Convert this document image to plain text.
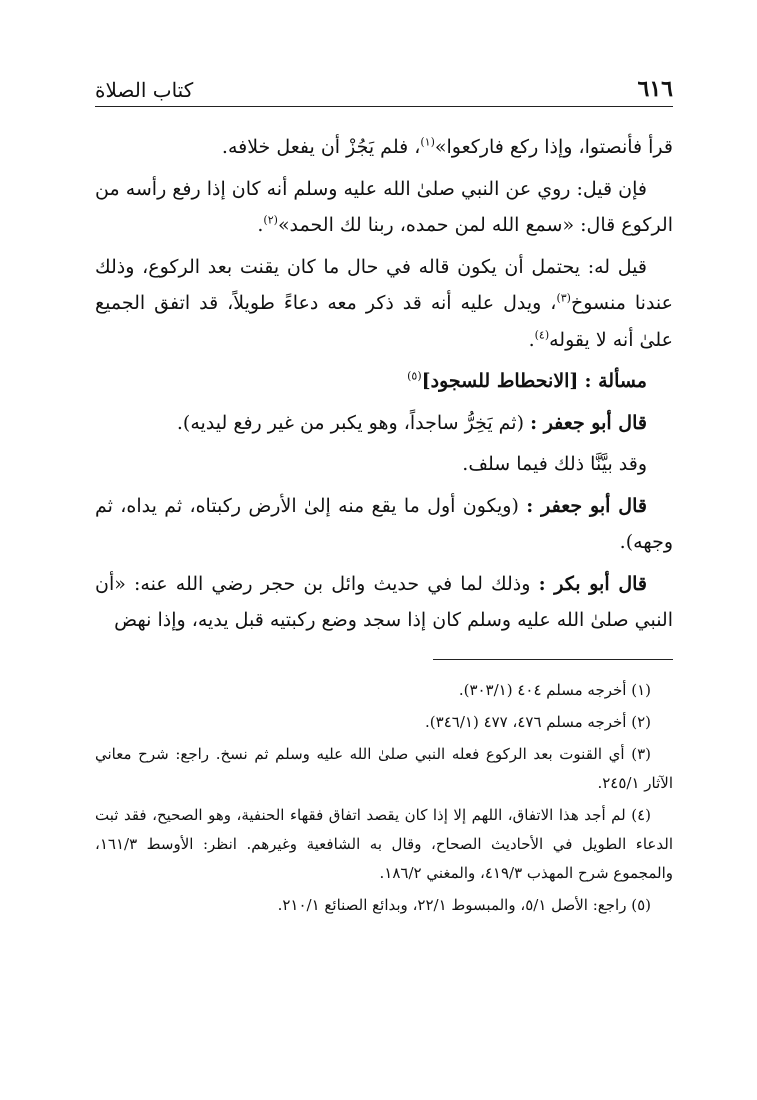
٦١٦
كتاب الصلاة

قرأ فأنصتوا، وإذا ركع فاركعوا»$^{(١)}$، فلم يَجُزْ أن يفعل خلافه.

فإن قيل: روي عن النبي صلىٰ الله عليه وسلم أنه كان إذا رفع رأسه من الركوع قال: «سمع الله لمن حمده، ربنا لك الحمد»$^{(٢)}$.

قيل له: يحتمل أن يكون قاله في حال ما كان يقنت بعد الركوع، وذلك عندنا منسوخ$^{(٣)}$، ويدل عليه أنه قد ذكر معه دعاءً طويلاً، قد اتفق الجميع علىٰ أنه لا يقوله$^{(٤)}$.

مسألة : [الانحطاط للسجود]$^{(٥)}$

قال أبو جعفر : (ثم يَخِرُّ ساجداً، وهو يكبر من غير رفع ليديه).

وقد بيَّنَّا ذلك فيما سلف.

قال أبو جعفر : (ويكون أول ما يقع منه إلىٰ الأرض ركبتاه، ثم يداه، ثم وجهه).

قال أبو بكر : وذلك لما في حديث وائل بن حجر رضي الله عنه: «أن النبي صلىٰ الله عليه وسلم كان إذا سجد وضع ركبتيه قبل يديه، وإذا نهض

(١) أخرجه مسلم ٤٠٤ (٣٠٣/١).

(٢) أخرجه مسلم ٤٧٦، ٤٧٧ (٣٤٦/١).

(٣) أي القنوت بعد الركوع فعله النبي صلىٰ الله عليه وسلم ثم نسخ. راجع: شرح معاني الآثار ٢٤٥/١.

(٤) لم أجد هذا الاتفاق، اللهم إلا إذا كان يقصد اتفاق فقهاء الحنفية، وهو الصحيح، فقد ثبت الدعاء الطويل في الأحاديث الصحاح، وقال به الشافعية وغيرهم. انظر: الأوسط ١٦١/٣، والمجموع شرح المهذب ٤١٩/٣، والمغني ١٨٦/٢.

(٥) راجع: الأصل ٥/١، والمبسوط ٢٢/١، وبدائع الصنائع ٢١٠/١.
